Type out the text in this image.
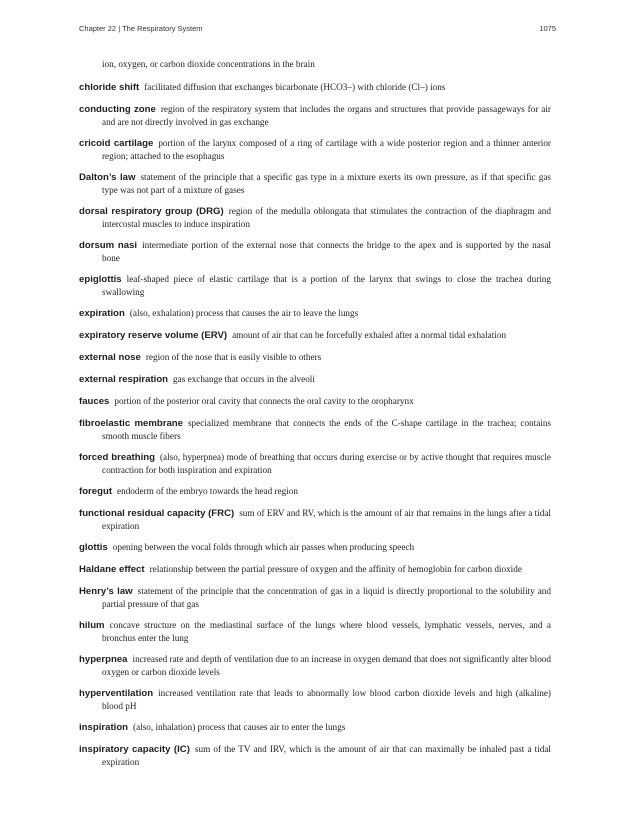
Chapter 22 | The Respiratory System	1075
ion, oxygen, or carbon dioxide concentrations in the brain

chloride shift facilitated diffusion that exchanges bicarbonate (HCO3–) with chloride (Cl–) ions

conducting zone region of the respiratory system that includes the organs and structures that provide passageways for air and are not directly involved in gas exchange

cricoid cartilage portion of the larynx composed of a ring of cartilage with a wide posterior region and a thinner anterior region; attached to the esophagus

Dalton’s law statement of the principle that a specific gas type in a mixture exerts its own pressure, as if that specific gas type was not part of a mixture of gases

dorsal respiratory group (DRG) region of the medulla oblongata that stimulates the contraction of the diaphragm and intercostal muscles to induce inspiration

dorsum nasi intermediate portion of the external nose that connects the bridge to the apex and is supported by the nasal bone

epiglottis leaf-shaped piece of elastic cartilage that is a portion of the larynx that swings to close the trachea during swallowing

expiration (also, exhalation) process that causes the air to leave the lungs

expiratory reserve volume (ERV) amount of air that can be forcefully exhaled after a normal tidal exhalation

external nose region of the nose that is easily visible to others

external respiration gas exchange that occurs in the alveoli

fauces portion of the posterior oral cavity that connects the oral cavity to the oropharynx

fibroelastic membrane specialized membrane that connects the ends of the C-shape cartilage in the trachea; contains smooth muscle fibers

forced breathing (also, hyperpnea) mode of breathing that occurs during exercise or by active thought that requires muscle contraction for both inspiration and expiration

foregut endoderm of the embryo towards the head region

functional residual capacity (FRC) sum of ERV and RV, which is the amount of air that remains in the lungs after a tidal expiration

glottis opening between the vocal folds through which air passes when producing speech

Haldane effect relationship between the partial pressure of oxygen and the affinity of hemoglobin for carbon dioxide

Henry’s law statement of the principle that the concentration of gas in a liquid is directly proportional to the solubility and partial pressure of that gas

hilum concave structure on the mediastinal surface of the lungs where blood vessels, lymphatic vessels, nerves, and a bronchus enter the lung

hyperpnea increased rate and depth of ventilation due to an increase in oxygen demand that does not significantly alter blood oxygen or carbon dioxide levels

hyperventilation increased ventilation rate that leads to abnormally low blood carbon dioxide levels and high (alkaline) blood pH

inspiration (also, inhalation) process that causes air to enter the lungs

inspiratory capacity (IC) sum of the TV and IRV, which is the amount of air that can maximally be inhaled past a tidal expiration
